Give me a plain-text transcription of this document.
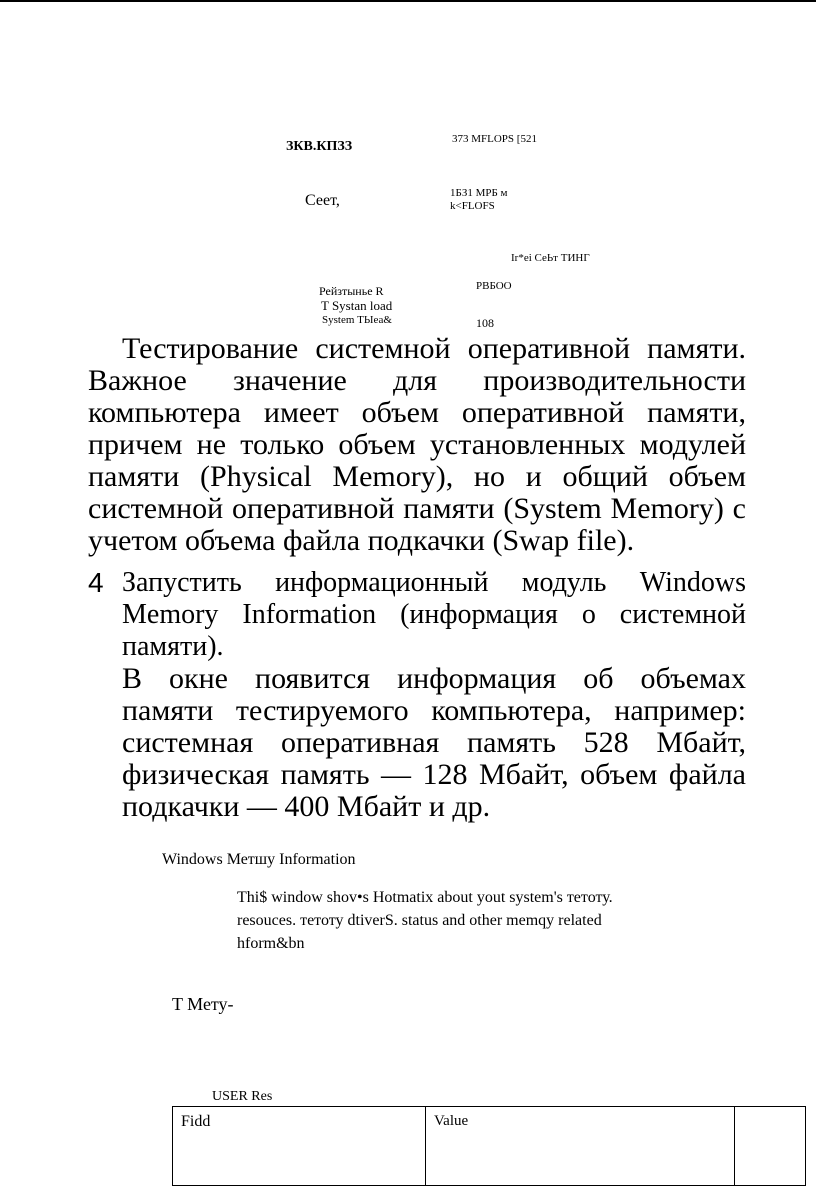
ЗКВ.КПЗЗ	373 MFLOPS [521
Сеет,	1БЗ1 МРБ м
k<FLOFS
Ir*ei СеЬт ТИНГ
Рейзтыньe R
T Systan load
System ТЫеа&
РВБОО
108
Тестирование системной оперативной памяти.
Важное значение для производительности
компьютера имеет объем оперативной памяти,
причем не только объем установленных модулей
памяти (Physical Memory), но и общий объем
системной оперативной памяти (System Memory) с
учетом объема файла подкачки (Swap file).
4 Запустить информационный модуль Windows
Memory Information (информация о системной
памяти).
В окне появится информация об объемах
памяти тестируемого компьютера, например:
системная оперативная память 528 Мбайт,
физическая память — 128 Мбайт, объем файла
подкачки — 400 Мбайт и др.
Windows Метшу Information
Thi$ window shov•s Hotmatix about yout system's тетоту.
resouces. тетоту dtiverS. status and other memqy related
hform&bn
T Мету-
USER Res
Fidd	Value	
